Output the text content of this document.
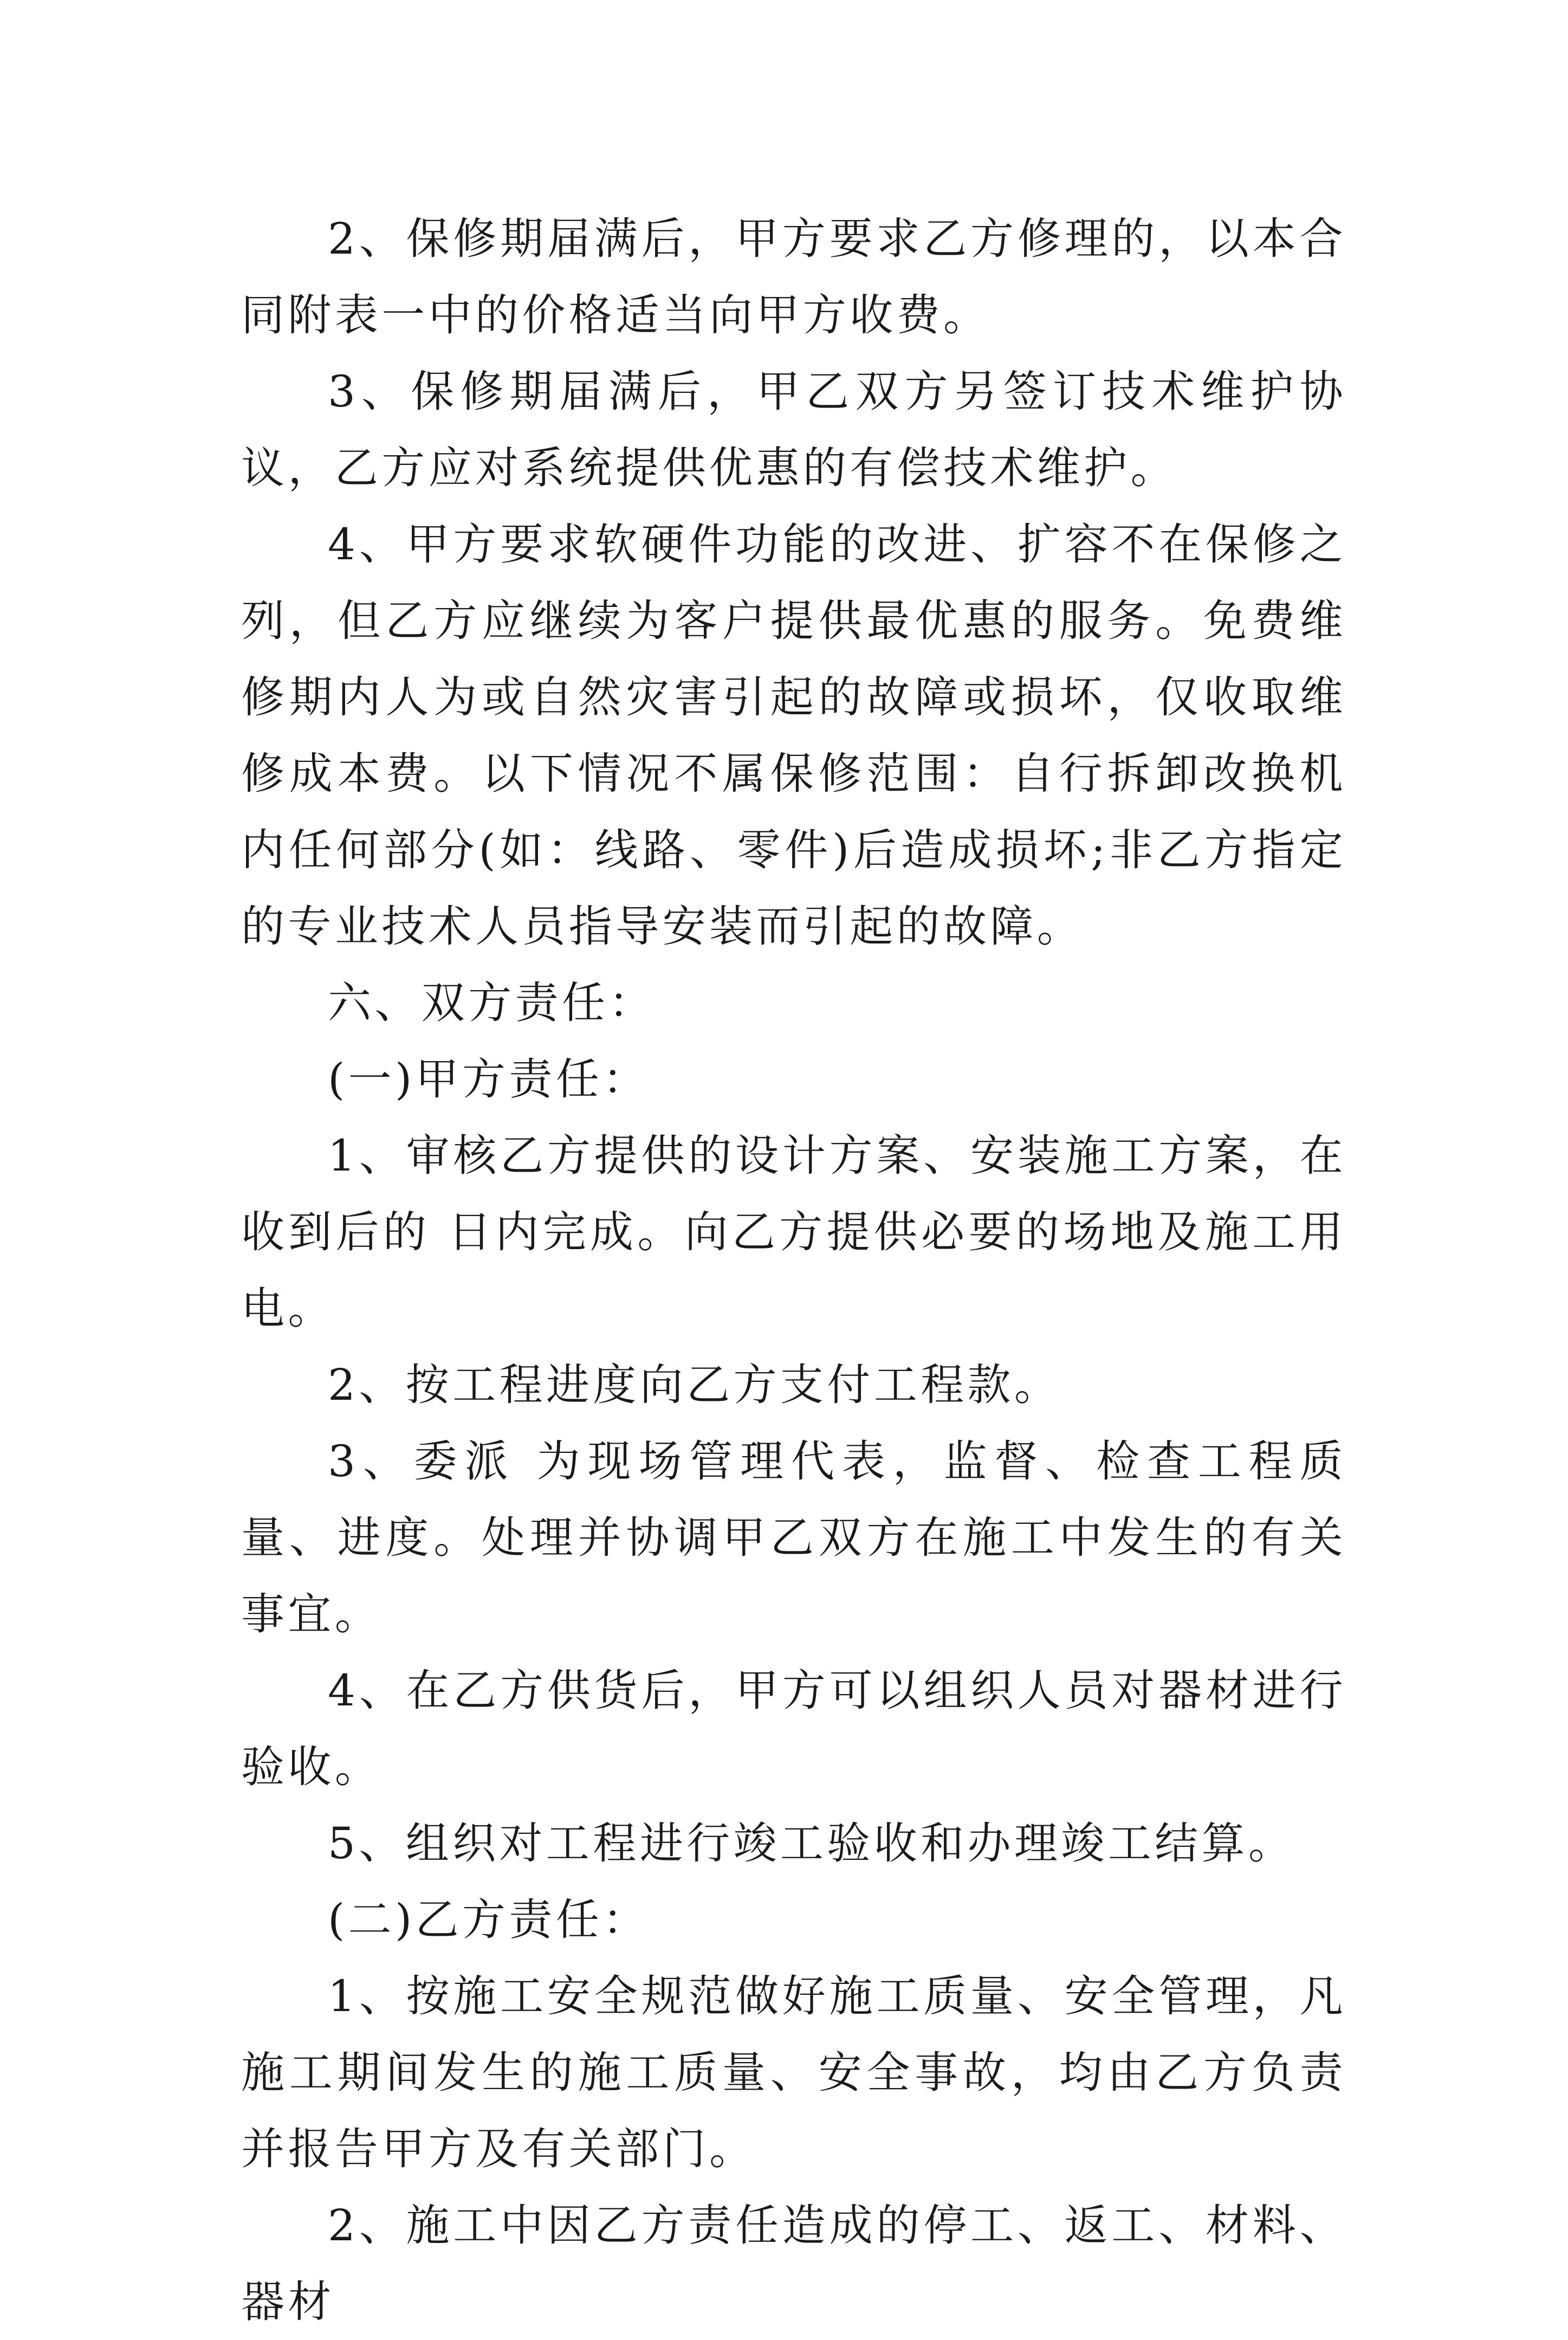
2、保修期届满后，甲方要求乙方修理的，以本合同附表一中的价格适当向甲方收费。

3、保修期届满后，甲乙双方另签订技术维护协议，乙方应对系统提供优惠的有偿技术维护。

4、甲方要求软硬件功能的改进、扩容不在保修之列，但乙方应继续为客户提供最优惠的服务。免费维修期内人为或自然灾害引起的故障或损坏，仅收取维修成本费。以下情况不属保修范围：自行拆卸改换机内任何部分(如：线路、零件)后造成损坏;非乙方指定的专业技术人员指导安装而引起的故障。

六、双方责任：

(一)甲方责任：

1、审核乙方提供的设计方案、安装施工方案，在收到后的 日内完成。向乙方提供必要的场地及施工用电。

2、按工程进度向乙方支付工程款。

3、委派 为现场管理代表，监督、检查工程质量、进度。处理并协调甲乙双方在施工中发生的有关事宜。

4、在乙方供货后，甲方可以组织人员对器材进行验收。

5、组织对工程进行竣工验收和办理竣工结算。

(二)乙方责任：

1、按施工安全规范做好施工质量、安全管理，凡施工期间发生的施工质量、安全事故，均由乙方负责并报告甲方及有关部门。

2、施工中因乙方责任造成的停工、返工、材料、器材
